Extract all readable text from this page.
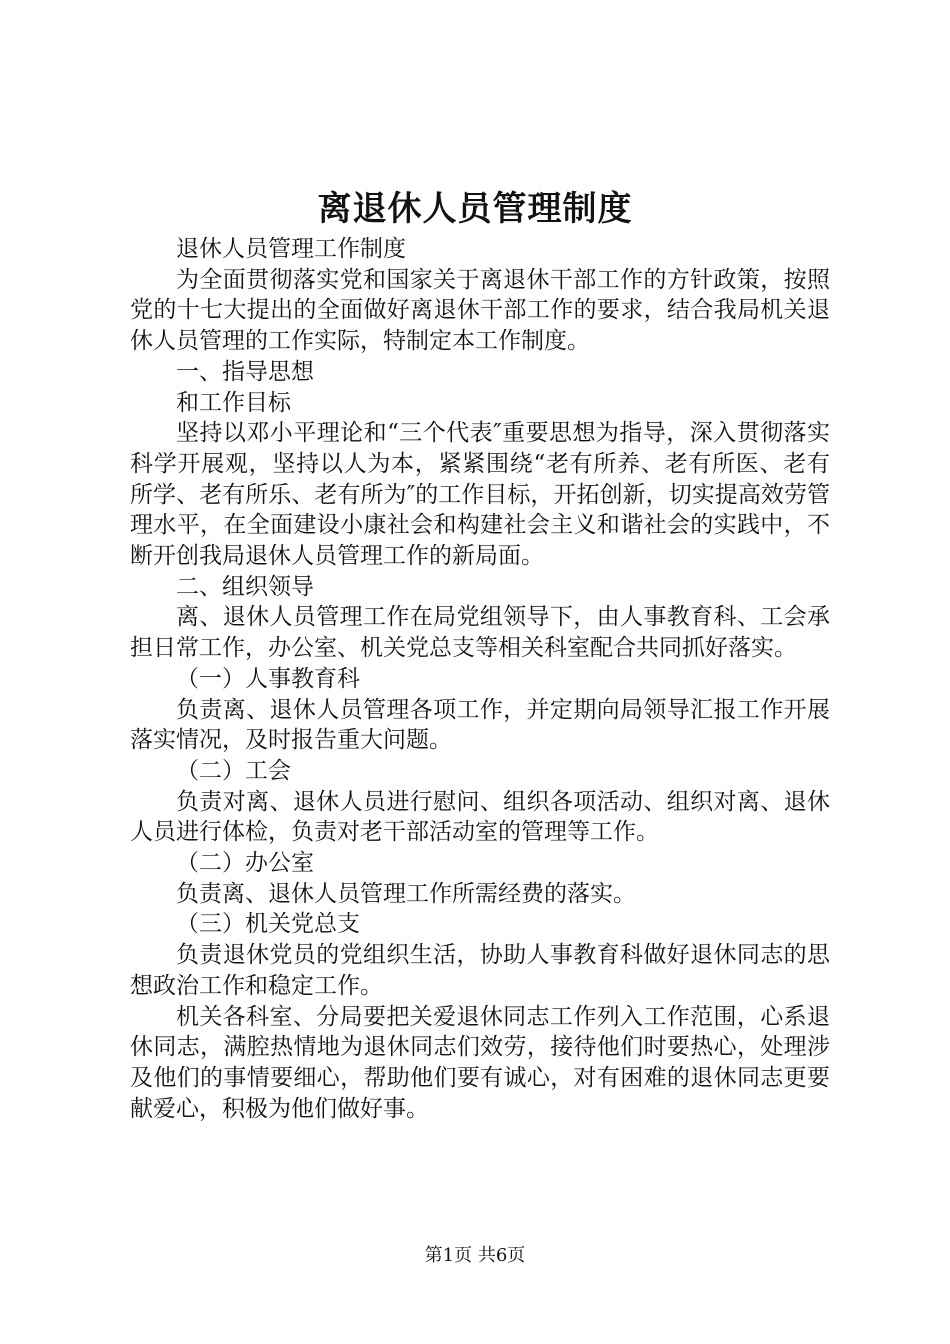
离退休人员管理制度

退休人员管理工作制度

为全面贯彻落实党和国家关于离退休干部工作的方针政策，按照党的十七大提出的全面做好离退休干部工作的要求，结合我局机关退休人员管理的工作实际，特制定本工作制度。

一、指导思想

和工作目标

坚持以邓小平理论和“三个代表″重要思想为指导，深入贯彻落实科学开展观，坚持以人为本，紧紧围绕“老有所养、老有所医、老有所学、老有所乐、老有所为″的工作目标，开拓创新，切实提高效劳管理水平，在全面建设小康社会和构建社会主义和谐社会的实践中，不断开创我局退休人员管理工作的新局面。

二、组织领导

离、退休人员管理工作在局党组领导下，由人事教育科、工会承担日常工作，办公室、机关党总支等相关科室配合共同抓好落实。

（一）人事教育科

负责离、退休人员管理各项工作，并定期向局领导汇报工作开展落实情况，及时报告重大问题。

（二）工会

负责对离、退休人员进行慰问、组织各项活动、组织对离、退休人员进行体检，负责对老干部活动室的管理等工作。

（二）办公室

负责离、退休人员管理工作所需经费的落实。

（三）机关党总支

负责退休党员的党组织生活，协助人事教育科做好退休同志的思想政治工作和稳定工作。

机关各科室、分局要把关爱退休同志工作列入工作范围，心系退休同志，满腔热情地为退休同志们效劳，接待他们时要热心，处理涉及他们的事情要细心，帮助他们要有诚心，对有困难的退休同志更要献爱心，积极为他们做好事。

第1页 共6页
